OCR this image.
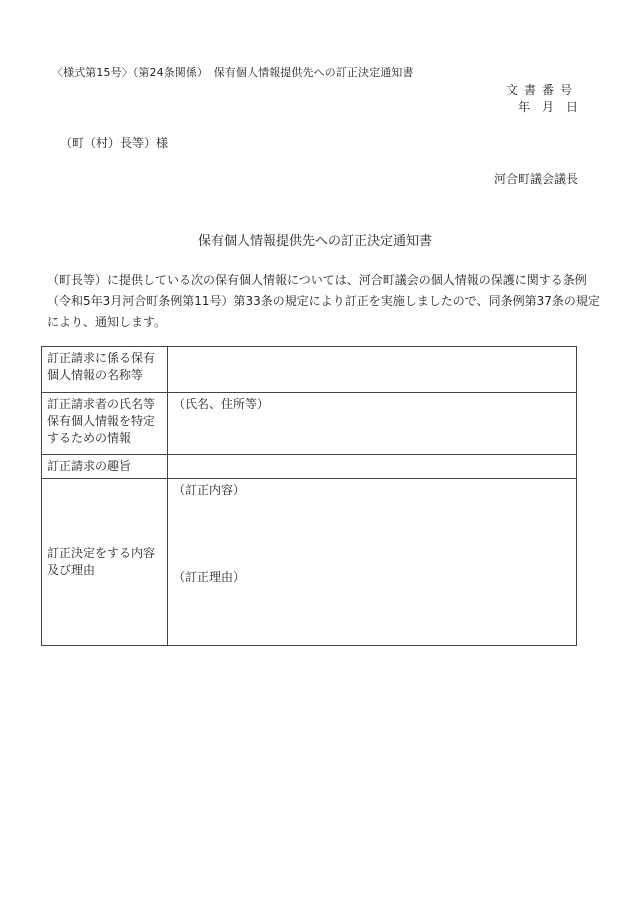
〈様式第15号〉（第24条関係）　保有個人情報提供先への訂正決定通知書
文書番号
年　月　日
（町（村）長等）様
河合町議会議長
保有個人情報提供先への訂正決定通知書
（町長等）に提供している次の保有個人情報については、河合町議会の個人情報の保護に関する条例
（令和5年3月河合町条例第11号）第33条の規定により訂正を実施しましたので、同条例第37条の規定
により、通知します。
訂正請求に係る保有個人情報の名称等	
訂正請求者の氏名等保有個人情報を特定するための情報	（氏名、住所等）
訂正請求の趣旨	
訂正決定をする内容及び理由	（訂正内容）
（訂正理由）
